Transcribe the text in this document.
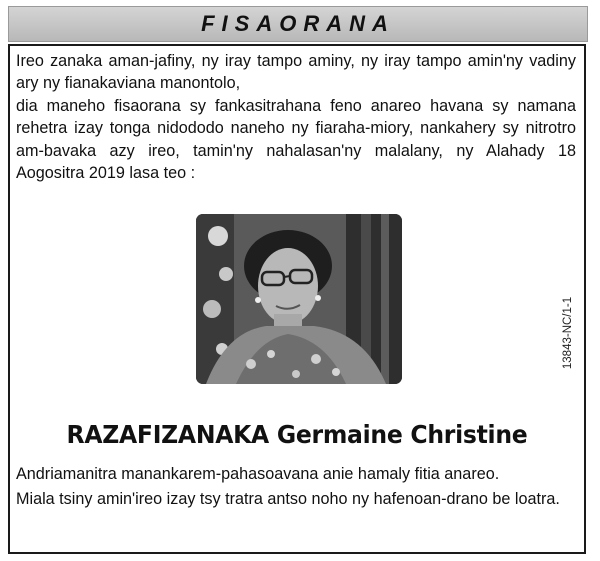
FISAORANA

Ireo zanaka aman-jafiny, ny iray tampo aminy, ny iray tampo amin'ny vadiny ary ny fianakaviana manontolo,

dia maneho fisaorana sy fankasitrahana feno anareo havana sy namana rehetra izay tonga nidododo naneho ny fiaraha-miory, nankahery sy nitrotro am-bavaka azy ireo, tamin'ny nahalasan'ny malalany, ny Alahady 18 Aogositra 2019 lasa teo :

13843-NC/1-1
RAZAFIZANAKA Germaine Christine

Andriamanitra manankarem-pahasoavana anie hamaly fitia anareo.

Miala tsiny amin'ireo izay tsy tratra antso noho ny hafenoan-drano be loatra.
